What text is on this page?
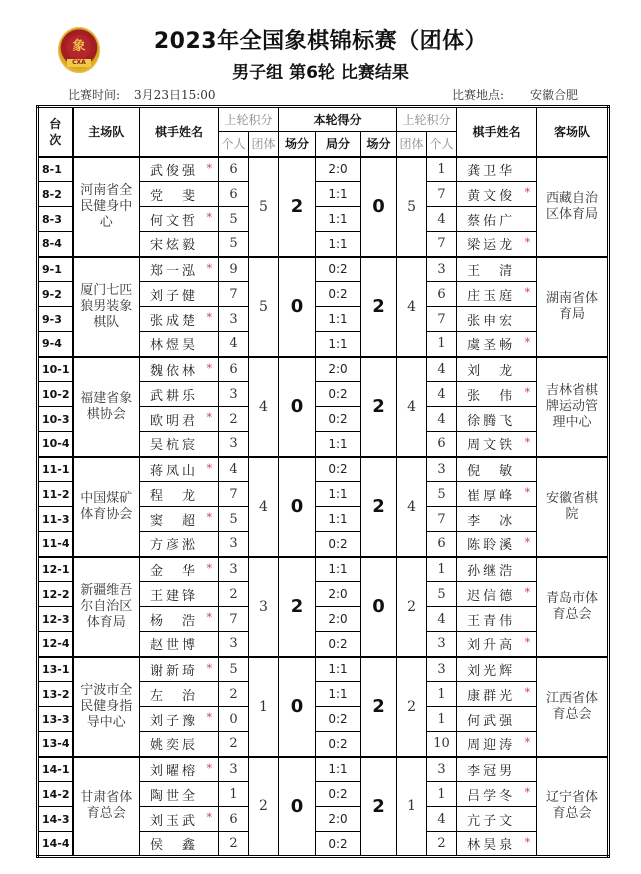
象
CXA
2023年全国象棋锦标赛（团体）
男子组 第6轮 比赛结果
比赛时间: 3月23日15:00	比赛地点: 安徽合肥
台次	主场队	棋手姓名	上轮积分		本轮得分			上轮积分		棋手姓名	客场队
			个人	团体	场分	局分	场分	团体	个人		
8-1	河南省全民健身中心	武俊强 *	6	5	2	2:0	0	5	1	龚卫华	西藏自治区体育局
8-2		党　斐	6			1:1			7	黄文俊 *	

8-3		何文哲 *	5			1:1			4	蔡佑广	
8-4		宋炫毅	5			1:1			7	梁运龙 *	

9-1	厦门七匹狼男装象棋队	郑一泓 *	9	5	0	0:2	2	4	3	王　清	湖南省体育局
9-2		刘子健	7			0:2			6	庄玉庭 *	

9-3		张成楚 *	3			1:1			7	张申宏	
9-4		林煜昊	4			1:1			1	虞圣畅 *	

10-1	福建省象棋协会	魏依林 *	6	4	0	2:0	2	4	4	刘　龙	吉林省棋牌运动管理中心
10-2		武耕乐	3			0:2			4	张　伟 *	

10-3		欧明君 *	2			0:2			4	徐腾飞	
10-4		吴杭宸	3			1:1			6	周文铁 *	

11-1	中国煤矿体育协会	蒋凤山 *	4	4	0	0:2	2	4	3	倪　敏	安徽省棋院
11-2		程　龙	7			1:1			5	崔厚峰 *	

11-3		窦　超 *	5			1:1			7	李　冰	
11-4		方彦淞	3			0:2			6	陈聆溪 *	

12-1	新疆维吾尔自治区体育局	金　华 *	3	3	2	1:1	0	2	1	孙继浩	青岛市体育总会
12-2		王建锋	2			2:0			5	迟信德 *	

12-3		杨　浩 *	7			2:0			4	王青伟	
12-4		赵世博	3			0:2			3	刘升高 *	

13-1	宁波市全民健身指导中心	谢新琦 *	5	1	0	1:1	2	2	3	刘光辉	江西省体育总会
13-2		左　治	2			1:1			1	康群光 *	

13-3		刘子豫 *	0			0:2			1	何武强	
13-4		姚奕辰	2			0:2			10	周迎涛 *	

14-1	甘肃省体育总会	刘曜榕 *	3	2	0	1:1	2	1	3	李冠男	辽宁省体育总会
14-2		陶世全	1			0:2			1	吕学冬 *	

14-3		刘玉武 *	6			2:0			4	亢子文	
14-4		侯　鑫	2			0:2			2	林昊泉 *	
